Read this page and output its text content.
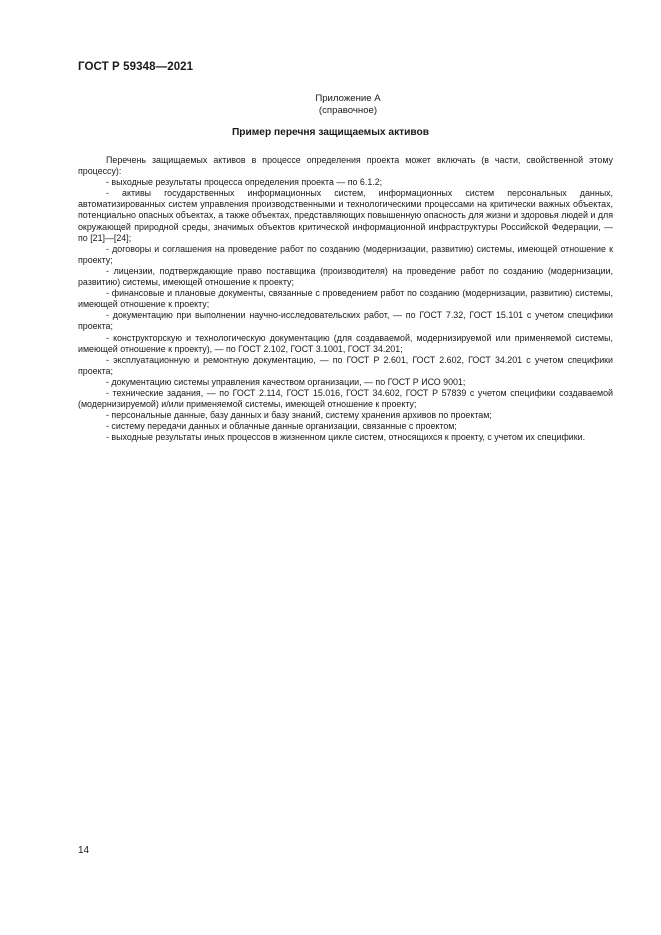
ГОСТ Р 59348—2021
Приложение А
(справочное)
Пример перечня защищаемых активов

Перечень защищаемых активов в процессе определения проекта может включать (в части, свойственной этому процессу):

- выходные результаты процесса определения проекта — по 6.1.2;

- активы государственных информационных систем, информационных систем персональных данных, автоматизированных систем управления производственными и технологическими процессами на критически важных объектах, потенциально опасных объектах, а также объектах, представляющих повышенную опасность для жизни и здоровья людей и для окружающей природной среды, значимых объектов критической информационной инфраструктуры Российской Федерации, — по [21]—[24];

- договоры и соглашения на проведение работ по созданию (модернизации, развитию) системы, имеющей отношение к проекту;

- лицензии, подтверждающие право поставщика (производителя) на проведение работ по созданию (модернизации, развитию) системы, имеющей отношение к проекту;

- финансовые и плановые документы, связанные с проведением работ по созданию (модернизации, развитию) системы, имеющей отношение к проекту;

- документацию при выполнении научно-исследовательских работ, — по ГОСТ 7.32, ГОСТ 15.101 с учетом специфики проекта;

- конструкторскую и технологическую документацию (для создаваемой, модернизируемой или применяемой системы, имеющей отношение к проекту), — по ГОСТ 2.102, ГОСТ 3.1001, ГОСТ 34.201;

- эксплуатационную и ремонтную документацию, — по ГОСТ Р 2.601, ГОСТ 2.602, ГОСТ 34.201 с учетом специфики проекта;

- документацию системы управления качеством организации, — по ГОСТ Р ИСО 9001;

- технические задания, — по ГОСТ 2.114, ГОСТ 15.016, ГОСТ 34.602, ГОСТ Р 57839 с учетом специфики создаваемой (модернизируемой) и/или применяемой системы, имеющей отношение к проекту;

- персональные данные, базу данных и базу знаний, систему хранения архивов по проектам;

- систему передачи данных и облачные данные организации, связанные с проектом;

- выходные результаты иных процессов в жизненном цикле систем, относящихся к проекту, с учетом их специфики.

14
